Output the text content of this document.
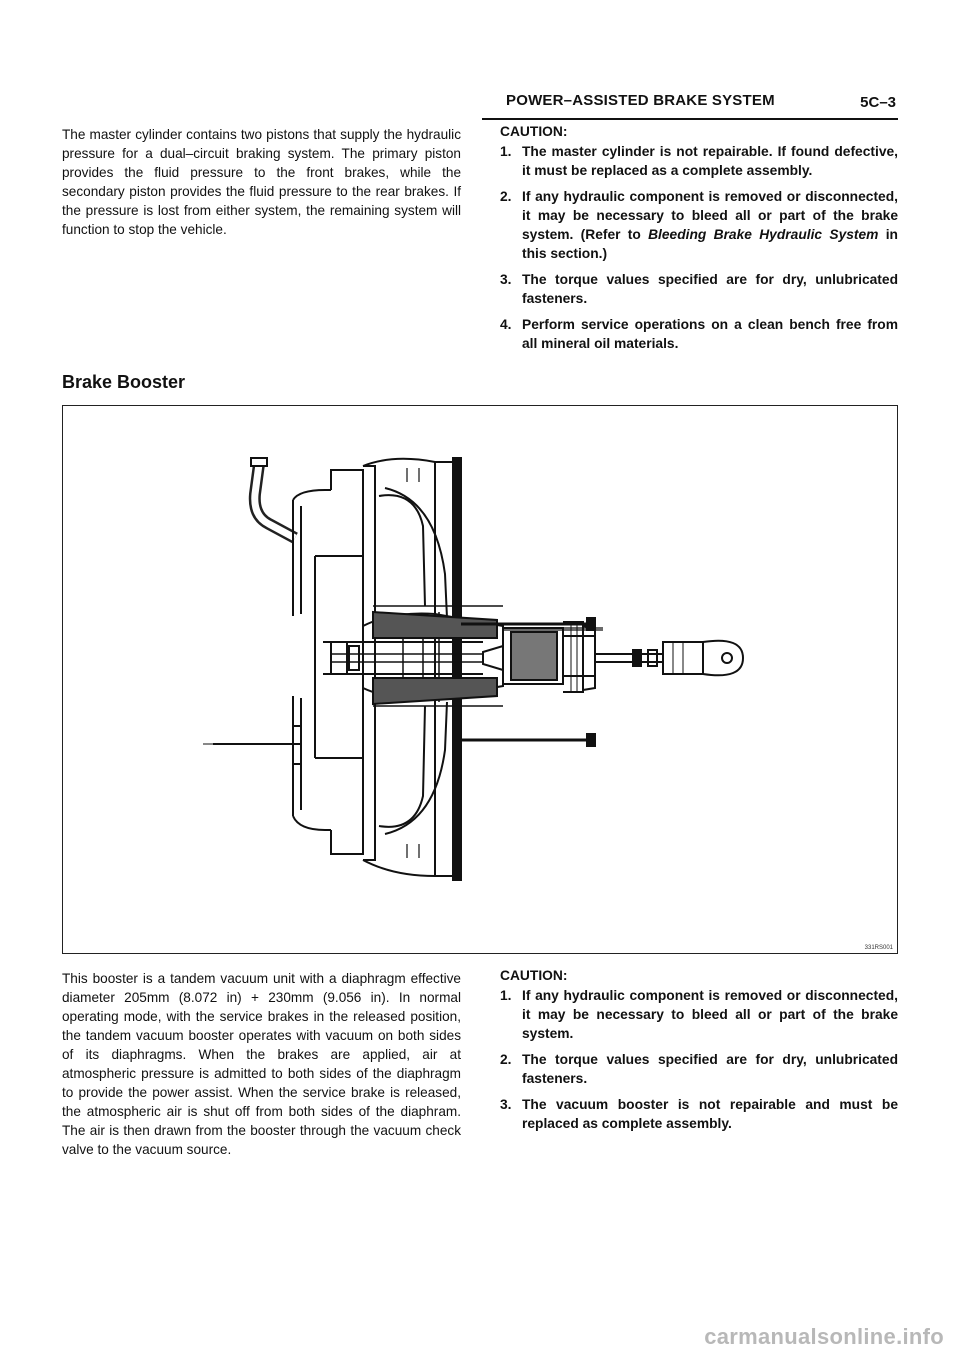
POWER–ASSISTED BRAKE SYSTEM	5C–3

The master cylinder contains two pistons that supply the hydraulic pressure for a dual–circuit braking system. The primary piston provides the fluid pressure to the front brakes, while the secondary piston provides the fluid pressure to the rear brakes. If the pressure is lost from either system, the remaining system will function to stop the vehicle.

CAUTION:
1. The master cylinder is not repairable. If found defective, it must be replaced as a complete assembly.
2. If any hydraulic component is removed or disconnected, it may be necessary to bleed all or part of the brake system. (Refer to Bleeding Brake Hydraulic System in this section.)
3. The torque values specified are for dry, unlubricated fasteners.
4. Perform service operations on a clean bench free from all mineral oil materials.
Brake Booster
331RS001

This booster is a tandem vacuum unit with a diaphragm effective diameter 205mm (8.072 in) + 230mm (9.056 in). In normal operating mode, with the service brakes in the released position, the tandem vacuum booster operates with vacuum on both sides of its diaphragms. When the brakes are applied, air at atmospheric pressure is admitted to both sides of the diaphragm to provide the power assist. When the service brake is released, the atmospheric air is shut off from both sides of the diaphram. The air is then drawn from the booster through the vacuum check valve to the vacuum source.

CAUTION:
1. If any hydraulic component is removed or disconnected, it may be necessary to bleed all or part of the brake system.
2. The torque values specified are for dry, unlubricated fasteners.
3. The vacuum booster is not repairable and must be replaced as complete assembly.
carmanualsonline.info
